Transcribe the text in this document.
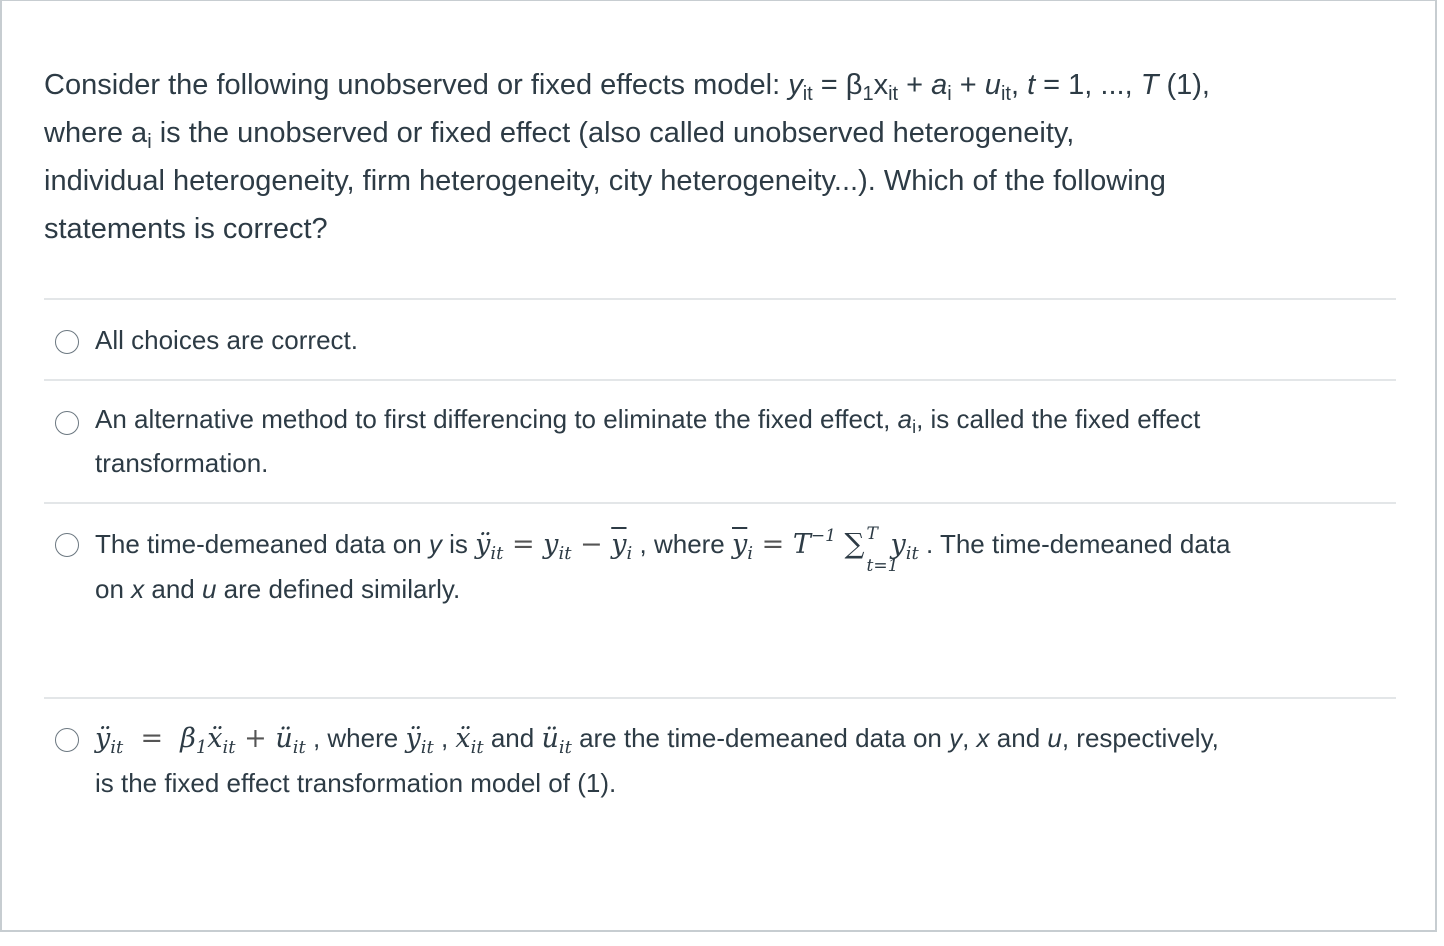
Consider the following unobserved or fixed effects model: $y_{it} = \beta_1x_{it} + a_i + u_{it}$, t = 1, ..., T (1),
where $a_i$ is the unobserved or fixed effect (also called unobserved heterogeneity,
individual heterogeneity, firm heterogeneity, city heterogeneity...). Which of the following
statements is correct?
All choices are correct.
An alternative method to first differencing to eliminate the fixed effect, $a_i$, is called the fixed effect
transformation.
The time-demeaned data on y is $ÿ_{it} = y_{it} - \overline{y}_i$ , where $\overline{y}_i = T^{-1}$ ∑ T
t=1
$y_{it}$ . The time-demeaned data
on x and u are defined similarly.
$ÿ_{it}$ =  $\beta_1ẍ_{it}$ + $ü_{it}$ , where $ÿ_{it}$ , ẍ$_{it}$ and $ü_{it}$ are the time-demeaned data on y, x and u, respectively,
is the fixed effect transformation model of (1).
